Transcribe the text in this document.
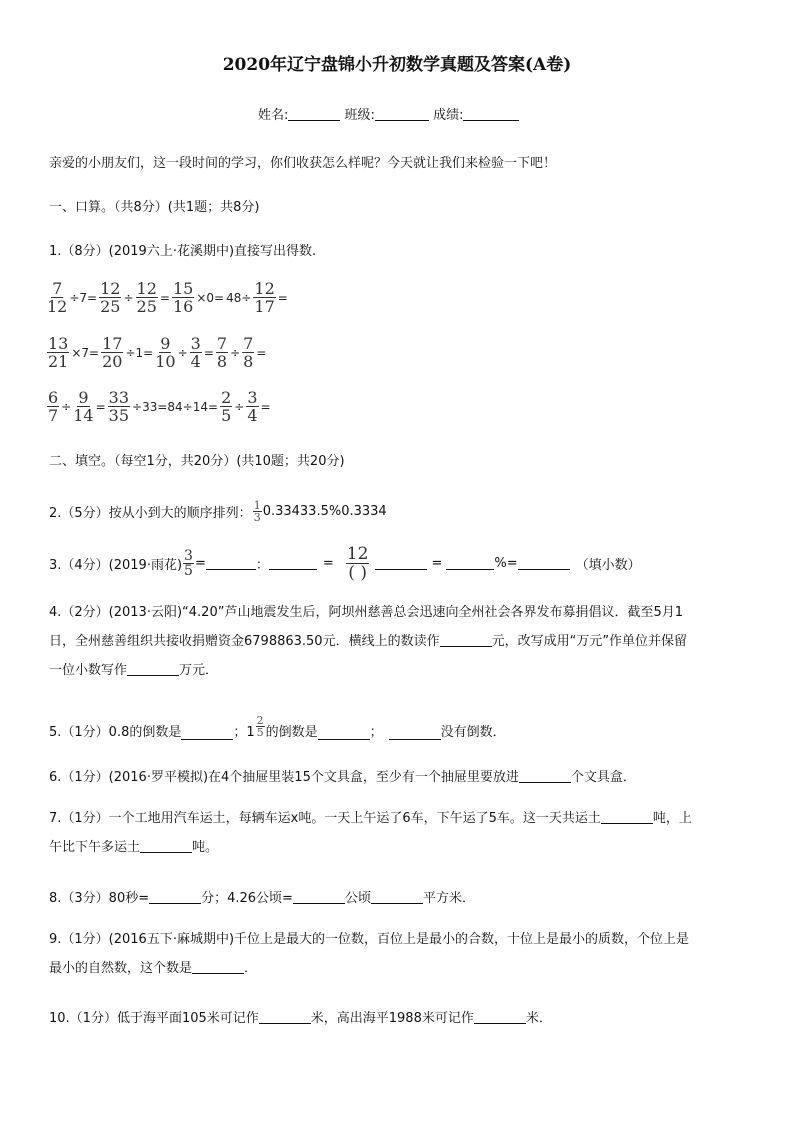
2020年辽宁盘锦小升初数学真题及答案(A卷)
姓名:	班级:	成绩:
亲爱的小朋友们，这一段时间的学习，你们收获怎么样呢？今天就让我们来检验一下吧！
一、口算。（共8分）(共1题；共8分)
1.（8分）(2019六上·花溪期中)直接写出得数.
$\frac{7}{12} \div 7= \frac{12}{25} \div \frac{12}{25} = \frac{15}{16} \times 0= 48\div \frac{12}{17}$ =
$\frac{13}{21} \times 7= \frac{17}{20} \div 1= \frac{9}{10} \div \frac{3}{4} = \frac{7}{8} \div \frac{7}{8}$ =
$\frac{6}{7} \div \frac{9}{14} = \frac{33}{35} \div 33=84\div 14= \frac{2}{5} \div \frac{3}{4}$ =
二、填空。（每空1分，共20分）(共10题；共20分)
2.（5分）按从小到大的顺序排列： $\frac{1}{3} 0.33433.5\%0.3334$
3.（4分）(2019·雨花) $\frac{3}{5}$ =	：	= $\frac{12}{( )}$	=	%=	（填小数）
4.（2分）(2013·云阳)“4.20”芦山地震发生后，阿坝州慈善总会迅速向全州社会各界发布募捐倡议．截至5月1
日，全州慈善组织共接收捐赠资金6798863.50元．横线上的数读作	元，改写成用“万元”作单位并保留
一位小数写作	万元．
5.（1分）0.8的倒数是	；$1 \frac{2}{5}$ 的倒数是	；	没有倒数．
6.（1分）(2016·罗平模拟)在4个抽屉里装15个文具盒，至少有一个抽屉里要放进	个文具盒．
7.（1分）一个工地用汽车运土，每辆车运x吨。一天上午运了6车，下午运了5车。这一天共运土	吨，上
午比下午多运土	吨。
8.（3分）80秒=	分；4.26公顷=	公顷	平方米．
9.（1分）(2016五下·麻城期中)千位上是最大的一位数，百位上是最小的合数，十位上是最小的质数，个位上是
最小的自然数，这个数是	．
10.（1分）低于海平面105米可记作	米，高出海平1988米可记作	米．
